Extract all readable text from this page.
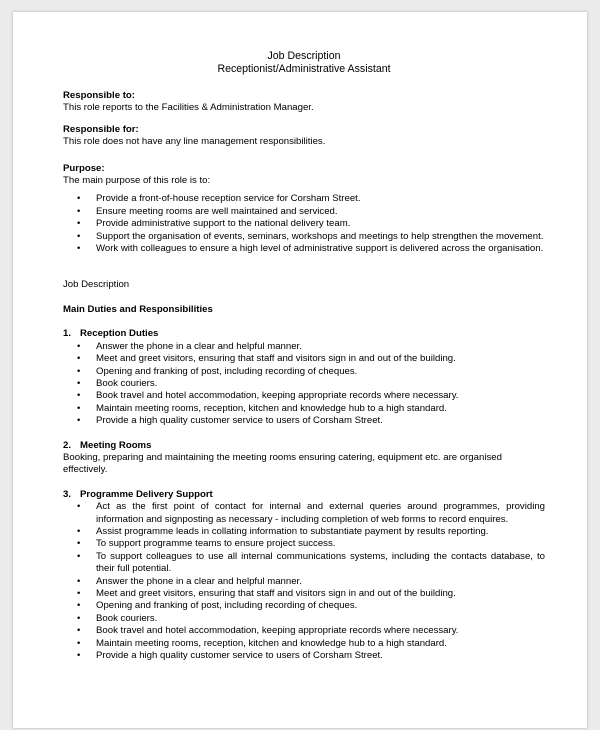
Job Description
Receptionist/Administrative Assistant
Responsible to:
This role reports to the Facilities & Administration Manager.
Responsible for:
This role does not have any line management responsibilities.
Purpose:
The main purpose of this role is to:
• Provide a front-of-house reception service for Corsham Street.
• Ensure meeting rooms are well maintained and serviced.
• Provide administrative support to the national delivery team.
• Support the organisation of events, seminars, workshops and meetings to help strengthen the movement.
• Work with colleagues to ensure a high level of administrative support is delivered across the organisation.
Job Description
Main Duties and Responsibilities
1. Reception Duties
• Answer the phone in a clear and helpful manner.
• Meet and greet visitors, ensuring that staff and visitors sign in and out of the building.
• Opening and franking of post, including recording of cheques.
• Book couriers.
• Book travel and hotel accommodation, keeping appropriate records where necessary.
• Maintain meeting rooms, reception, kitchen and knowledge hub to a high standard.
• Provide a high quality customer service to users of Corsham Street.
2. Meeting Rooms

Booking, preparing and maintaining the meeting rooms ensuring catering, equipment etc. are organised effectively.

3. Programme Delivery Support
• Act as the first point of contact for internal and external queries around programmes, providing information and signposting as necessary - including completion of web forms to record enquires.
• Assist programme leads in collating information to substantiate payment by results reporting.
• To support programme teams to ensure project success.
• To support colleagues to use all internal communications systems, including the contacts database, to their full potential.
• Answer the phone in a clear and helpful manner.
• Meet and greet visitors, ensuring that staff and visitors sign in and out of the building.
• Opening and franking of post, including recording of cheques.
• Book couriers.
• Book travel and hotel accommodation, keeping appropriate records where necessary.
• Maintain meeting rooms, reception, kitchen and knowledge hub to a high standard.
• Provide a high quality customer service to users of Corsham Street.
